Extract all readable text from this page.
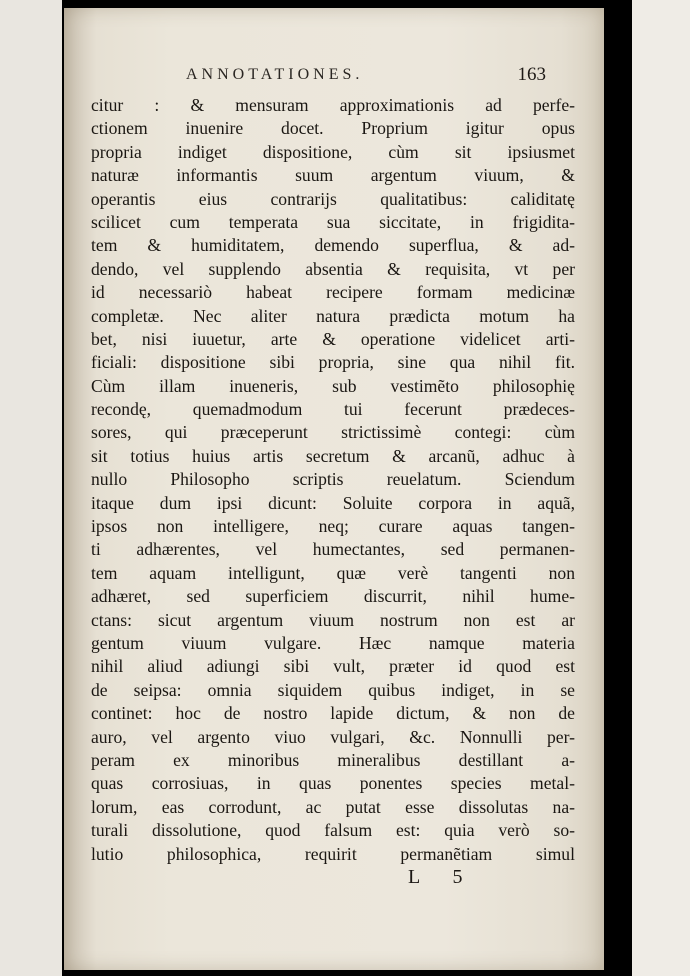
ANNOTATIONES.	163
citur : & mensuram approximationis ad perfe-
ctionem inuenire docet. Proprium igitur opus
propria indiget dispositione, cùm sit ipsiusmet
naturæ informantis suum argentum viuum, &
operantis eius contrarijs qualitatibus: caliditatę
scilicet cum temperata sua siccitate, in frigidita-
tem & humiditatem, demendo superflua, & ad-
dendo, vel supplendo absentia & requisita, vt per
id necessariò habeat recipere formam medicinæ
completæ. Nec aliter natura prædicta motum ha
bet, nisi iuuetur, arte & operatione videlicet arti-
ficiali: dispositione sibi propria, sine qua nihil fit.
Cùm illam inueneris, sub vestimẽto philosophię
recondę, quemadmodum tui fecerunt prædeces-
sores, qui præceperunt strictissimè contegi: cùm
sit totius huius artis secretum & arcanũ, adhuc à
nullo Philosopho scriptis reuelatum. Sciendum
itaque dum ipsi dicunt: Soluite corpora in aquã,
ipsos non intelligere, neq; curare aquas tangen-
ti adhærentes, vel humectantes, sed permanen-
tem aquam intelligunt, quæ verè tangenti non
adhæret, sed superficiem discurrit, nihil hume-
ctans: sicut argentum viuum nostrum non est ar
gentum viuum vulgare. Hæc namque materia
nihil aliud adiungi sibi vult, præter id quod est
de seipsa: omnia siquidem quibus indiget, in se
continet: hoc de nostro lapide dictum, & non de
auro, vel argento viuo vulgari, &c. Nonnulli per-
peram ex minoribus mineralibus destillant a-
quas corrosiuas, in quas ponentes species metal-
lorum, eas corrodunt, ac putat esse dissolutas na-
turali dissolutione, quod falsum est: quia verò so-
lutio philosophica, requirit permanẽtiam simul
L 5
